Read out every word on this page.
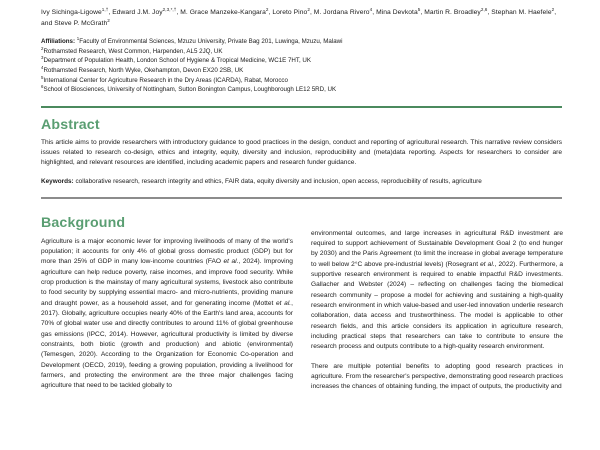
Ivy Sichinga-Ligowe$^{1,\dagger}$, Edward J.M. Joy$^{2,3,*,\dagger}$, M. Grace Manzeke-Kangara$^2$, Loreto Pino$^2$, M. Jordana Rivero$^4$, Mina Devkota$^5$, Martin R. Broadley$^{2,6}$, Stephan M. Haefele$^2$, and Steve P. McGrath$^2$

Affiliations: $^1$Faculty of Environmental Sciences, Mzuzu University, Private Bag 201, Luwinga, Mzuzu, Malawi
$^2$Rothamsted Research, West Common, Harpenden, AL5 2JQ, UK
$^3$Department of Population Health, London School of Hygiene & Tropical Medicine, WC1E 7HT, UK
$^4$Rothamsted Research, North Wyke, Okehampton, Devon EX20 2SB, UK
$^5$International Center for Agriculture Research in the Dry Areas (ICARDA), Rabat, Morocco
$^6$School of Biosciences, University of Nottingham, Sutton Bonington Campus, Loughborough LE12 5RD, UK
Abstract

This article aims to provide researchers with introductory guidance to good practices in the design, conduct and reporting of agricultural research. This narrative review considers issues related to research co-design, ethics and integrity, equity, diversity and inclusion, reproducibility and (meta)data reporting. Aspects for researchers to consider are highlighted, and relevant resources are identified, including academic papers and research funder guidance.

Keywords: collaborative research, research integrity and ethics, FAIR data, equity diversity and inclusion, open access, reproducibility of results, agriculture

Background

Agriculture is a major economic lever for improving livelihoods of many of the world's population; it accounts for only 4% of global gross domestic product (GDP) but for more than 25% of GDP in many low-income countries (FAO et al., 2024). Improving agriculture can help reduce poverty, raise incomes, and improve food security. While crop production is the mainstay of many agricultural systems, livestock also contribute to food security by supplying essential macro- and micro-nutrients, providing manure and draught power, as a household asset, and for generating income (Mottet et al., 2017). Globally, agriculture occupies nearly 40% of the Earth's land area, accounts for 70% of global water use and directly contributes to around 11% of global greenhouse gas emissions (IPCC, 2014). However, agricultural productivity is limited by diverse constraints, both biotic (growth and production) and abiotic (environmental) (Temesgen, 2020). According to the Organization for Economic Co-operation and Development (OECD, 2019), feeding a growing population, providing a livelihood for farmers, and protecting the environment are the three major challenges facing agriculture that need to be tackled globally to

environmental outcomes, and large increases in agricultural R&D investment are required to support achievement of Sustainable Development Goal 2 (to end hunger by 2030) and the Paris Agreement (to limit the increase in global average temperature to well below 2°C above pre-industrial levels) (Rosegrant et al., 2022). Furthermore, a supportive research environment is required to enable impactful R&D investments. Gallacher and Webster (2024) – reflecting on challenges facing the biomedical research community – propose a model for achieving and sustaining a high-quality research environment in which value-based and user-led innovation underlie research collaboration, data access and trustworthiness. The model is applicable to other research fields, and this article considers its application in agriculture research, including practical steps that researchers can take to contribute to ensure the research process and outputs contribute to a high-quality research environment.

There are multiple potential benefits to adopting good research practices in agriculture. From the researcher's perspective, demonstrating good research practices increases the chances of obtaining funding, the impact of outputs, the productivity and
